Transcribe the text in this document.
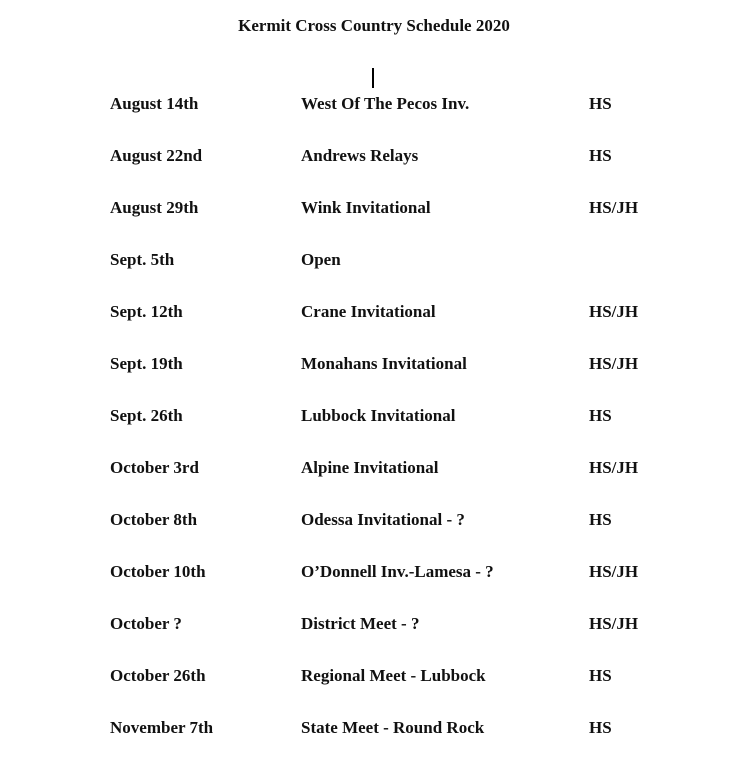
Kermit Cross Country Schedule 2020
August 14th	West Of The Pecos Inv.	HS
August 22nd	Andrews Relays	HS
August 29th	Wink Invitational	HS/JH
Sept. 5th	Open
Sept. 12th	Crane Invitational	HS/JH
Sept. 19th	Monahans Invitational	HS/JH
Sept. 26th	Lubbock Invitational	HS
October 3rd	Alpine Invitational	HS/JH
October 8th	Odessa Invitational - ?	HS
October 10th	O’Donnell Inv.-Lamesa - ?	HS/JH
October ?	District Meet - ?	HS/JH
October 26th	Regional Meet - Lubbock	HS
November 7th	State Meet - Round Rock	HS
